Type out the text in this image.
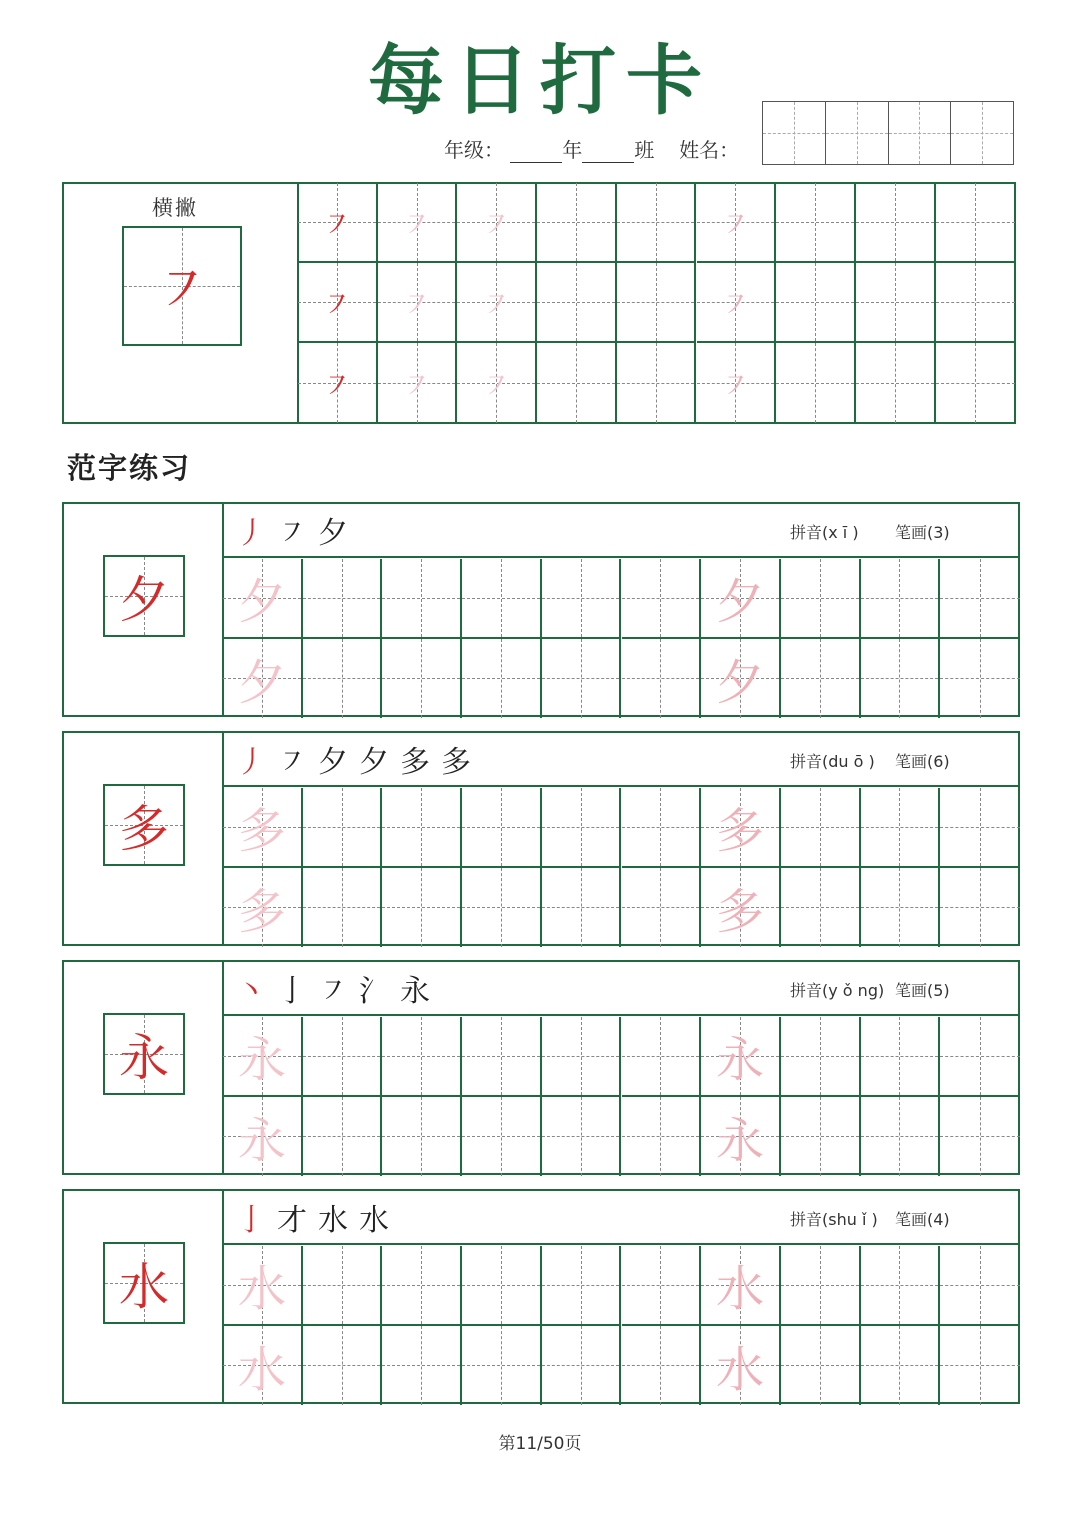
每日打卡
年级：	年	班 姓名：
横撇
㇇
㇇ ㇇ ㇇	㇇
㇇ ㇇ ㇇	㇇
㇇ ㇇ ㇇	㇇
范字练习
夕
丿 ㇇ 夕	拼音(x ī ) 笔画(3)
夕	夕
夕	夕
多
丿 ㇇ 夕 夕 多 多	拼音(du ō ) 笔画(6)
多	多
多	多
永
丶 亅 ㇇ 氵 永	拼音(y ǒ ng) 笔画(5)
永	永
永	永
水
亅 才 水 水	拼音(shu ǐ ) 笔画(4)
水	水
水	水
第11/50页
